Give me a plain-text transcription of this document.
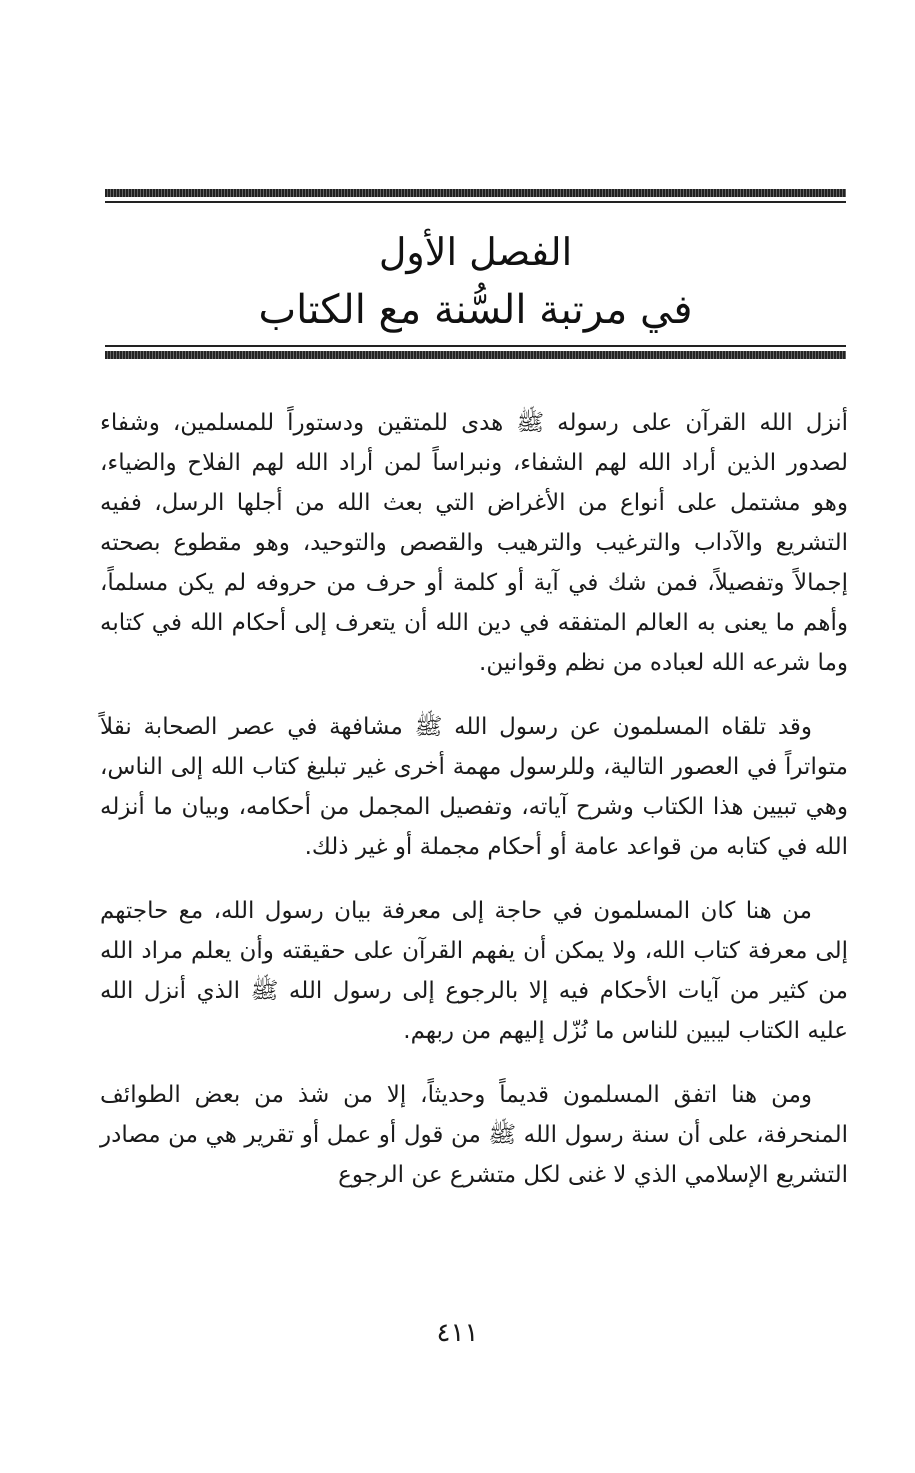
الفصل الأول
في مرتبة السُّنة مع الكتاب

أنزل الله القرآن على رسوله ﷺ هدى للمتقين ودستوراً للمسلمين، وشفاء لصدور الذين أراد الله لهم الشفاء، ونبراساً لمن أراد الله لهم الفلاح والضياء، وهو مشتمل على أنواع من الأغراض التي بعث الله من أجلها الرسل، ففيه التشريع والآداب والترغيب والترهيب والقصص والتوحيد، وهو مقطوع بصحته إجمالاً وتفصيلاً، فمن شك في آية أو كلمة أو حرف من حروفه لم يكن مسلماً، وأهم ما يعنى به العالم المتفقه في دين الله أن يتعرف إلى أحكام الله في كتابه وما شرعه الله لعباده من نظم وقوانين.

وقد تلقاه المسلمون عن رسول الله ﷺ مشافهة في عصر الصحابة نقلاً متواتراً في العصور التالية، وللرسول مهمة أخرى غير تبليغ كتاب الله إلى الناس، وهي تبيين هذا الكتاب وشرح آياته، وتفصيل المجمل من أحكامه، وبيان ما أنزله الله في كتابه من قواعد عامة أو أحكام مجملة أو غير ذلك.

من هنا كان المسلمون في حاجة إلى معرفة بيان رسول الله، مع حاجتهم إلى معرفة كتاب الله، ولا يمكن أن يفهم القرآن على حقيقته وأن يعلم مراد الله من كثير من آيات الأحكام فيه إلا بالرجوع إلى رسول الله ﷺ الذي أنزل الله عليه الكتاب ليبين للناس ما نُزّل إليهم من ربهم.

ومن هنا اتفق المسلمون قديماً وحديثاً، إلا من شذ من بعض الطوائف المنحرفة، على أن سنة رسول الله ﷺ من قول أو عمل أو تقرير هي من مصادر التشريع الإسلامي الذي لا غنى لكل متشرع عن الرجوع

٤١١
